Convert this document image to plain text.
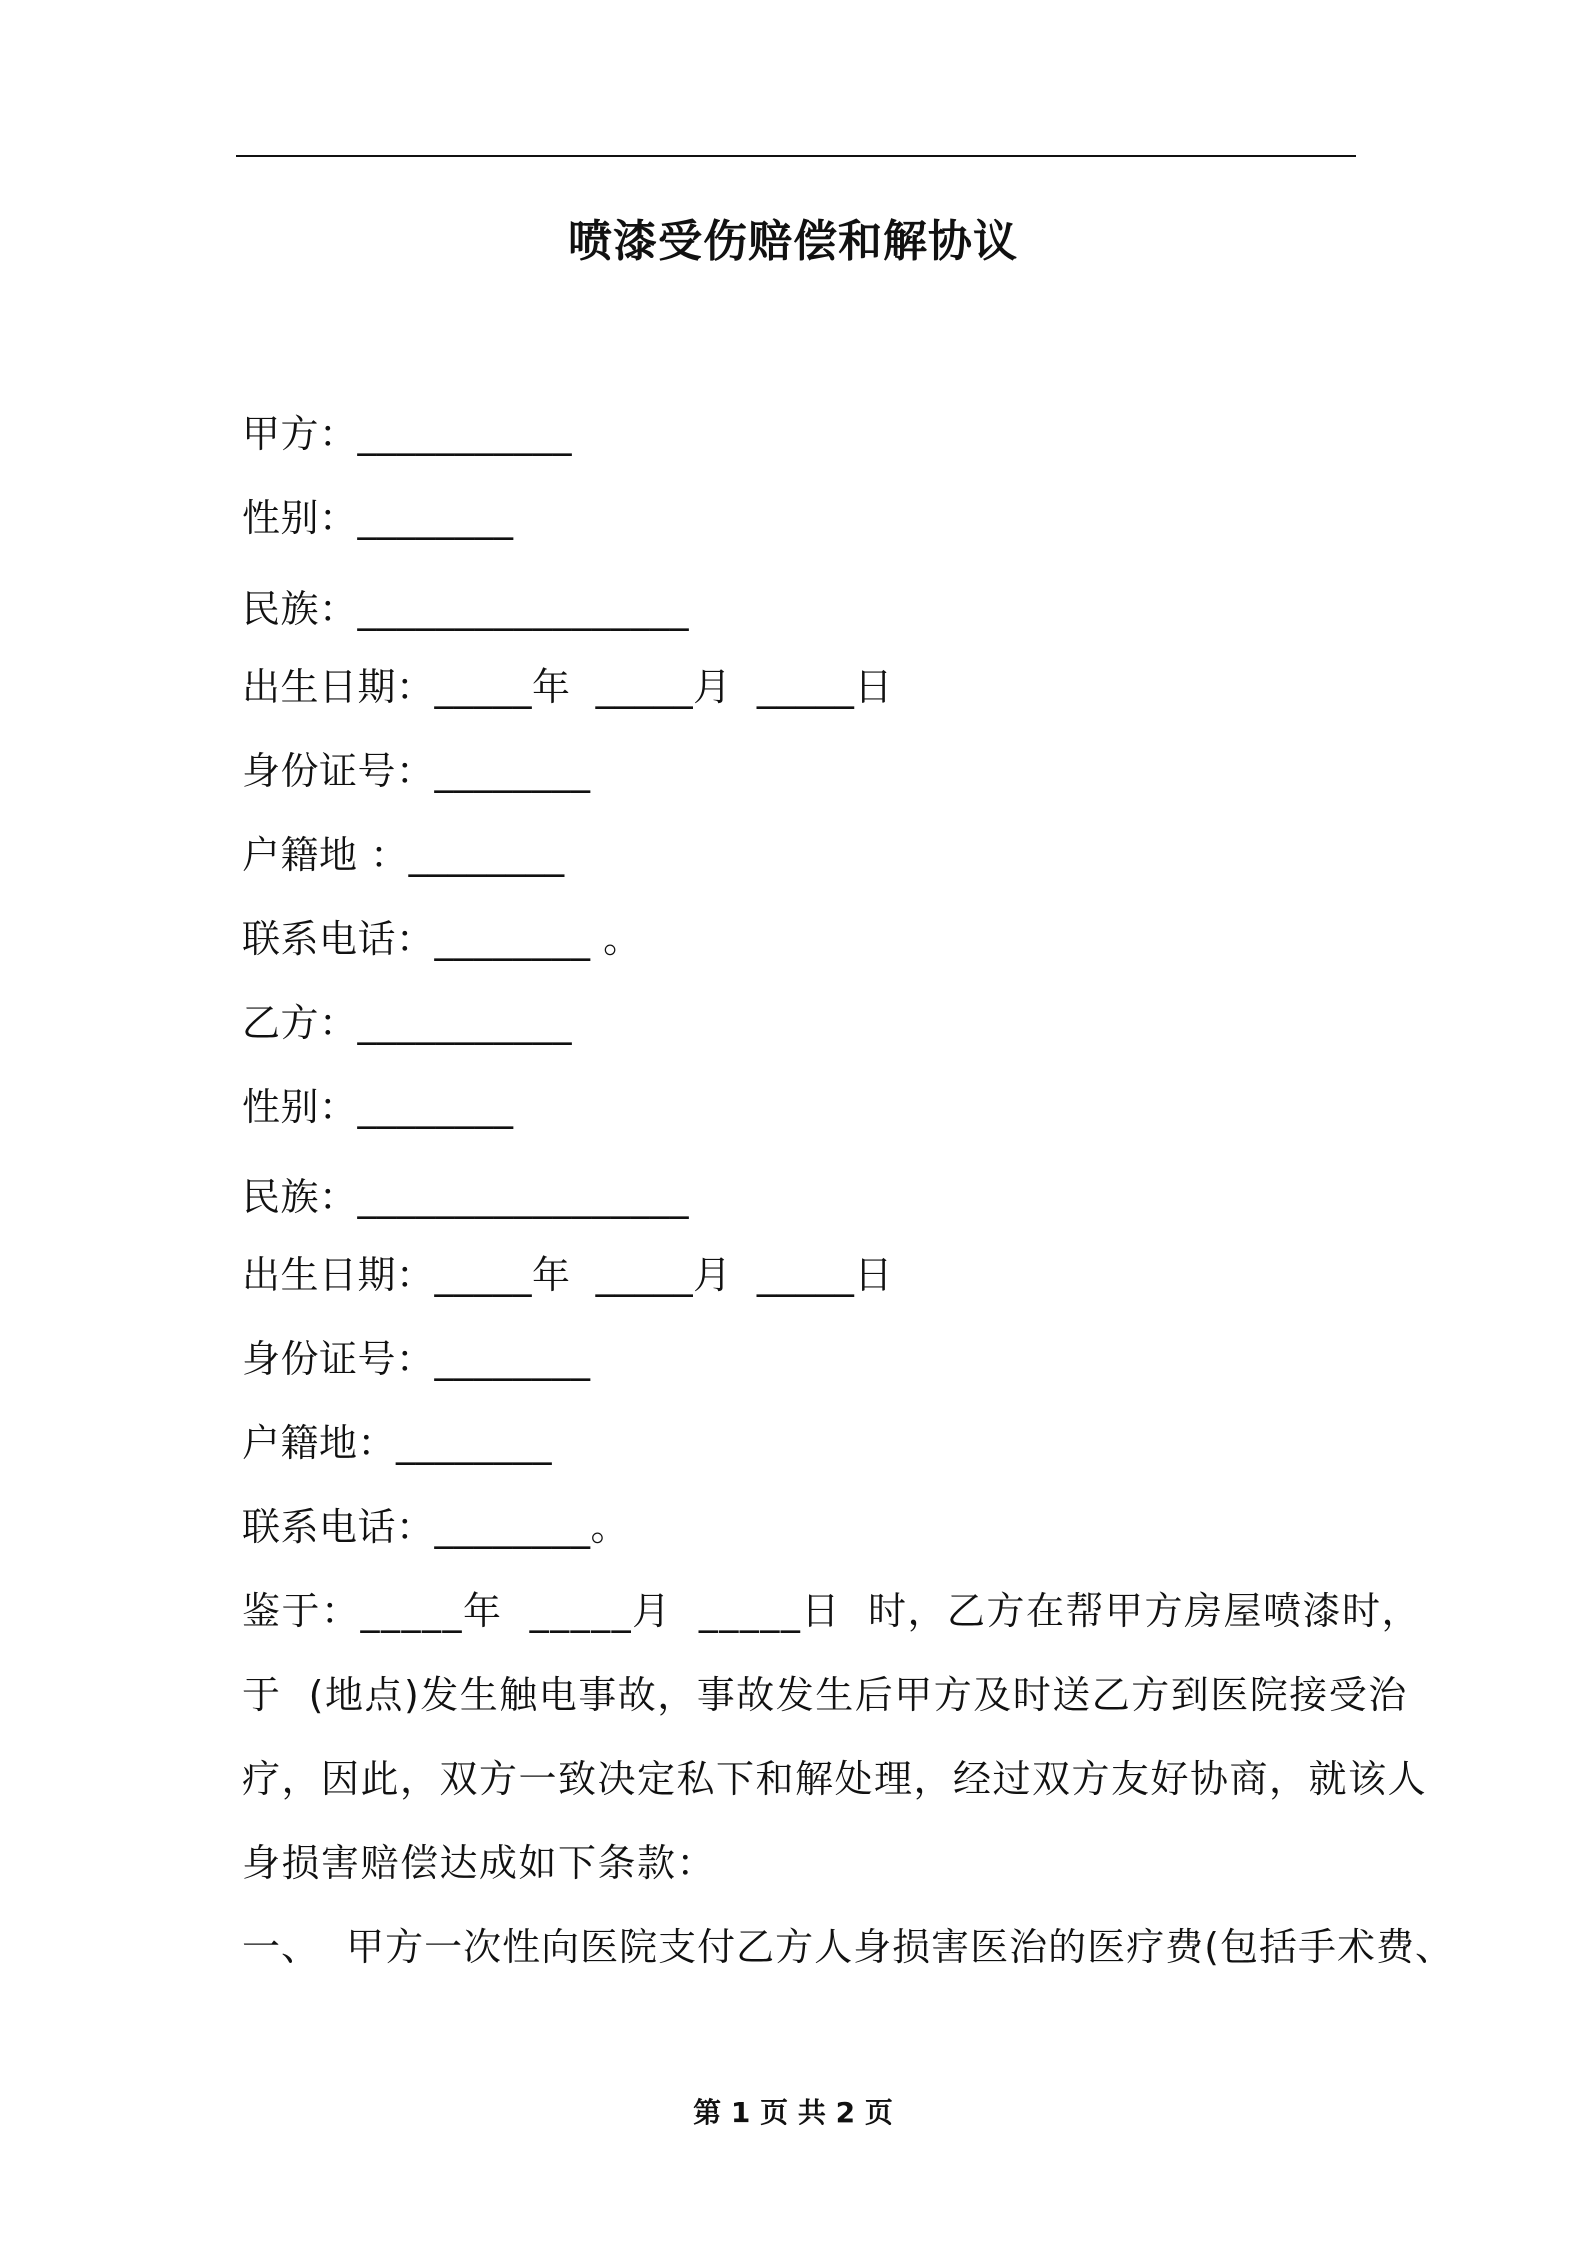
喷漆受伤赔偿和解协议
甲方：___________
性别：________
民族：_________________
出生日期：_____年  _____月  _____日
身份证号：________
户籍地 ：________
联系电话：________ 。
乙方：___________
性别：________
民族：_________________
出生日期：_____年  _____月  _____日
身份证号：________
户籍地：________
联系电话：________。
鉴于：_____年  _____月  _____日  时，乙方在帮甲方房屋喷漆时，
于  (地点)发生触电事故，事故发生后甲方及时送乙方到医院接受治
疗，因此，双方一致决定私下和解处理，经过双方友好协商，就该人
身损害赔偿达成如下条款：
一、  甲方一次性向医院支付乙方人身损害医治的医疗费(包括手术费、
第 1 页 共 2 页
